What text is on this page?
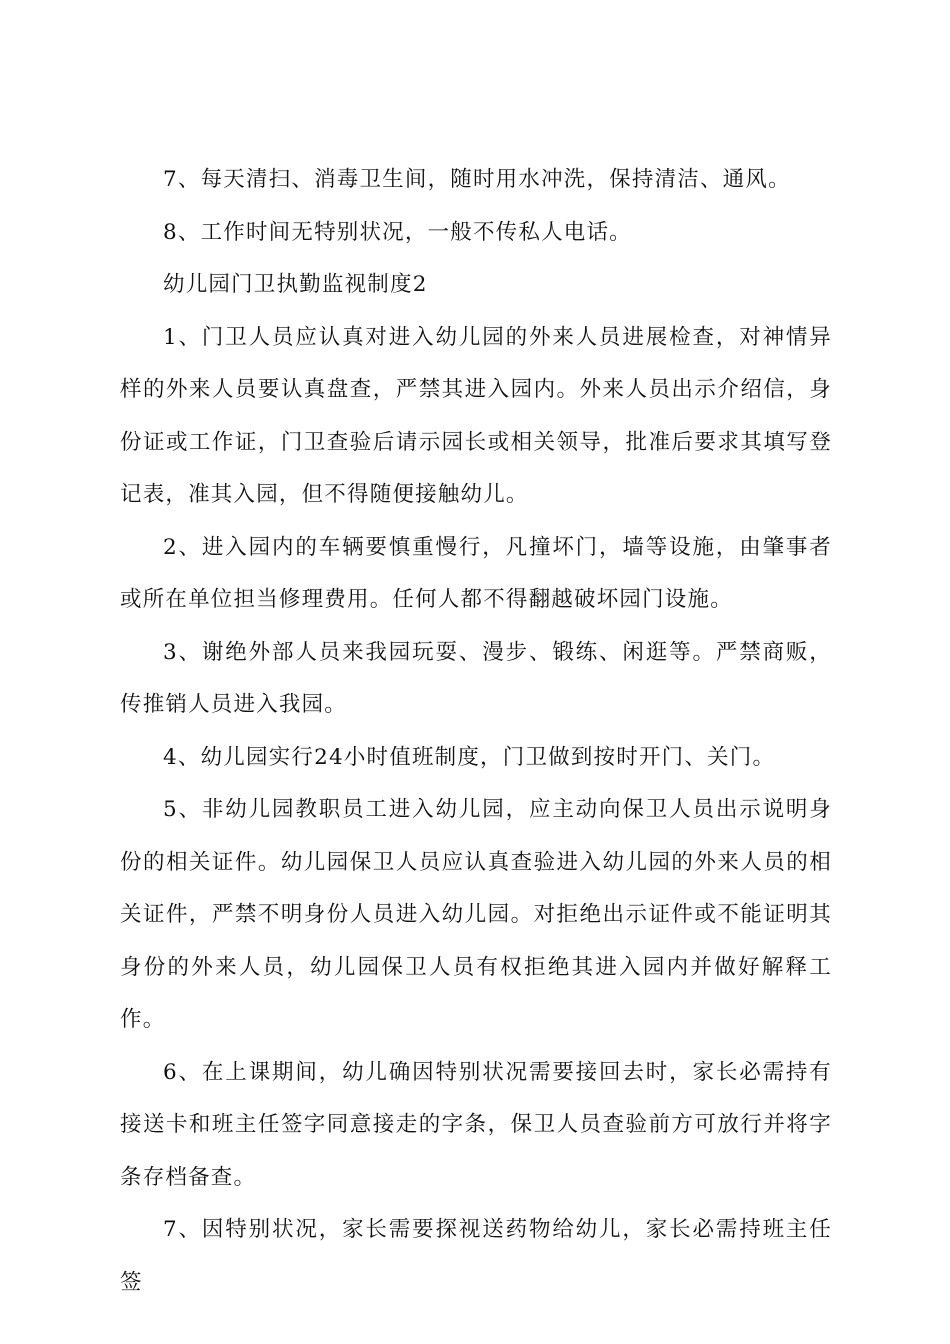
7、每天清扫、消毒卫生间，随时用水冲洗，保持清洁、通风。

8、工作时间无特别状况，一般不传私人电话。

幼儿园门卫执勤监视制度2

1、门卫人员应认真对进入幼儿园的外来人员进展检查，对神情异样的外来人员要认真盘查，严禁其进入园内。外来人员出示介绍信，身份证或工作证，门卫查验后请示园长或相关领导，批准后要求其填写登记表，准其入园，但不得随便接触幼儿。

2、进入园内的车辆要慎重慢行，凡撞坏门，墙等设施，由肇事者或所在单位担当修理费用。任何人都不得翻越破坏园门设施。

3、谢绝外部人员来我园玩耍、漫步、锻练、闲逛等。严禁商贩，传推销人员进入我园。

4、幼儿园实行24小时值班制度，门卫做到按时开门、关门。

5、非幼儿园教职员工进入幼儿园，应主动向保卫人员出示说明身份的相关证件。幼儿园保卫人员应认真查验进入幼儿园的外来人员的相关证件，严禁不明身份人员进入幼儿园。对拒绝出示证件或不能证明其身份的外来人员，幼儿园保卫人员有权拒绝其进入园内并做好解释工作。

6、在上课期间，幼儿确因特别状况需要接回去时，家长必需持有接送卡和班主任签字同意接走的字条，保卫人员查验前方可放行并将字条存档备查。

7、因特别状况，家长需要探视送药物给幼儿，家长必需持班主任签
